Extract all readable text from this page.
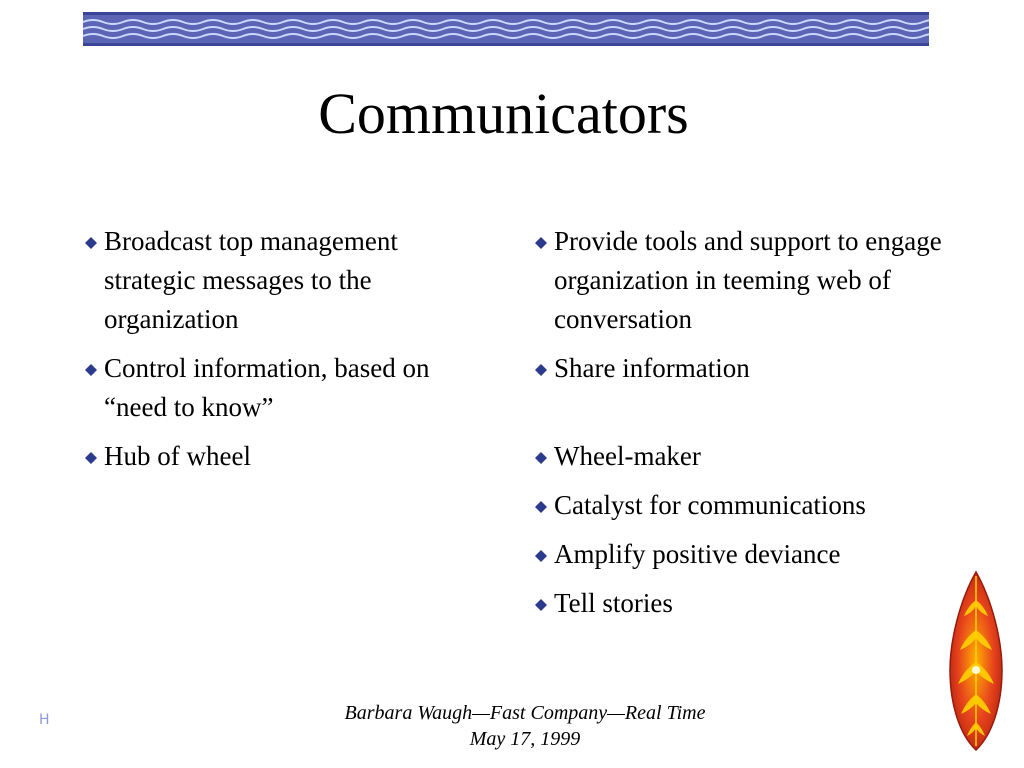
Communicators
Broadcast top management strategic messages to the organization
Control information, based on “need to know”
Hub of wheel
Provide tools and support to engage organization in teeming web of conversation
Share information
Wheel-maker
Catalyst for communications
Amplify positive deviance
Tell stories
H	Barbara Waugh—Fast Company—Real Time
May 17, 1999
